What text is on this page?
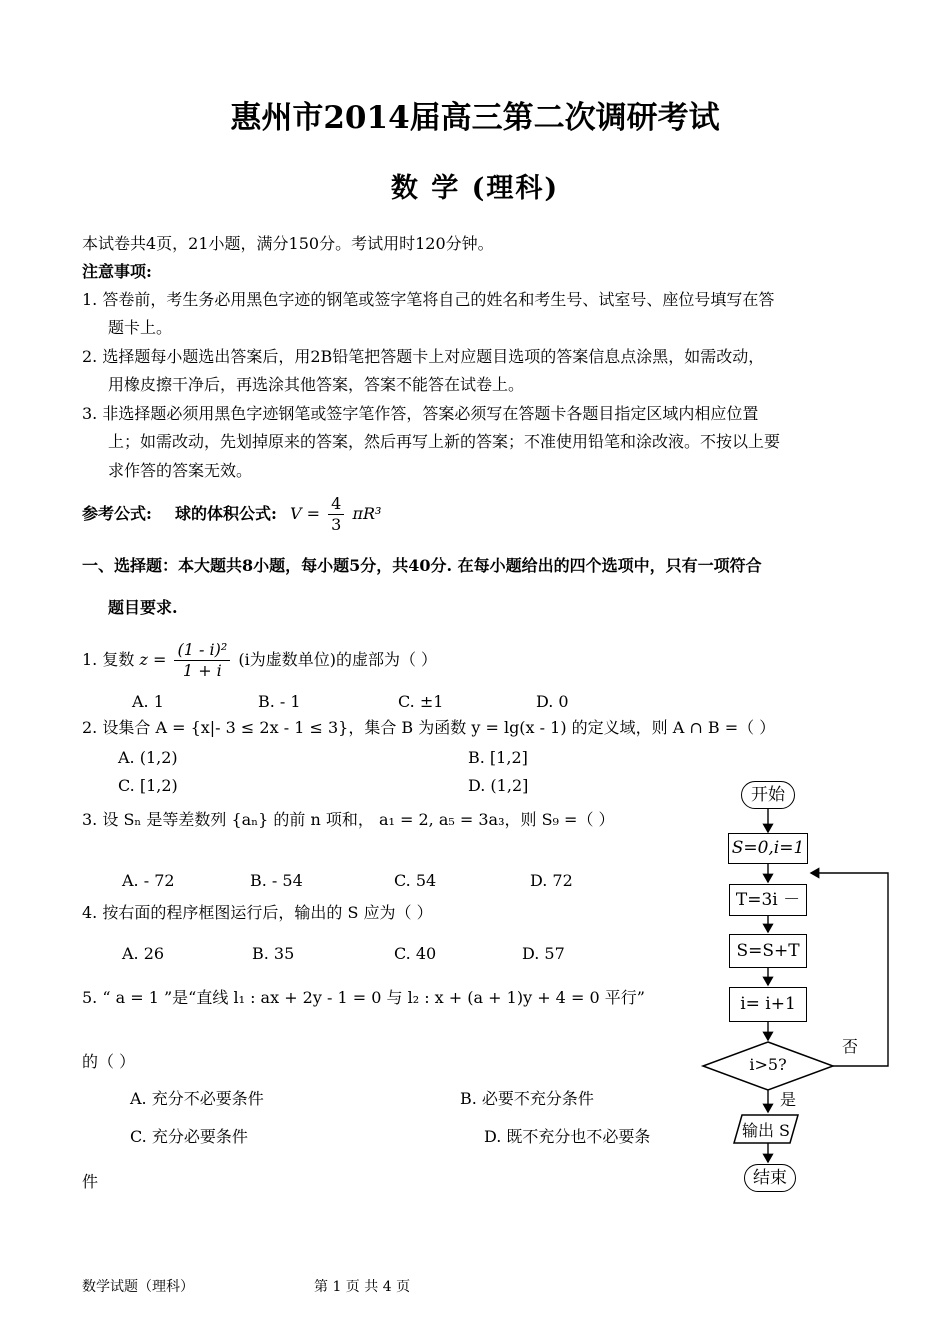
惠州市2014届高三第二次调研考试
数 学 (理科)
本试卷共4页，21小题，满分150分。考试用时120分钟。
注意事项:
1. 答卷前，考生务必用黑色字迹的钢笔或签字笔将自己的姓名和考生号、试室号、座位号填写在答
题卡上。
2. 选择题每小题选出答案后，用2B铅笔把答题卡上对应题目选项的答案信息点涂黑，如需改动，
用橡皮擦干净后，再选涂其他答案，答案不能答在试卷上。
3. 非选择题必须用黑色字迹钢笔或签字笔作答，答案必须写在答题卡各题目指定区域内相应位置
上；如需改动，先划掉原来的答案，然后再写上新的答案；不准使用铅笔和涂改液。不按以上要
求作答的答案无效。
参考公式: 球的体积公式: $V = \frac{4}{3} \pi R^3$
一、选择题：本大题共8小题，每小题5分，共40分. 在每小题给出的四个选项中，只有一项符合
题目要求.
1. 复数 $z = \frac{\text{(1 - i)²}}{1 + i} (i$为虚数单位)的虚部为（ ）
A. 1	B. - 1	C. ±1	D. 0
2. 设集合 A = {x|- 3 ≤ 2x - 1 ≤ 3}，集合 B 为函数 y = lg(x - 1) 的定义域，则 A ∩ B =（ ）
A. (1,2)	B. [1,2]
C. [1,2)	D. (1,2]
3. 设 Sₙ 是等差数列 {aₙ} 的前 n 项和， a₁ = 2, a₅ = 3a₃，则 S₉ =（ ）
A. - 72	B. - 54	C. 54	D. 72
4. 按右面的程序框图运行后，输出的 S 应为（ ）
A. 26	B. 35	C. 40	D. 57
5. “ a = 1 ”是“直线 l₁ : ax + 2y - 1 = 0 与 l₂ : x + (a + 1)y + 4 = 0 平行”
的（ ）
A. 充分不必要条件	B. 必要不充分条件
C. 充分必要条件	D. 既不充分也不必要条
件
开始
S=0,i=1
T=3i －
S=S+T
i= i+1
i>5?
否
是
输出 S
结束
数学试题（理科）	第 1 页 共 4 页
